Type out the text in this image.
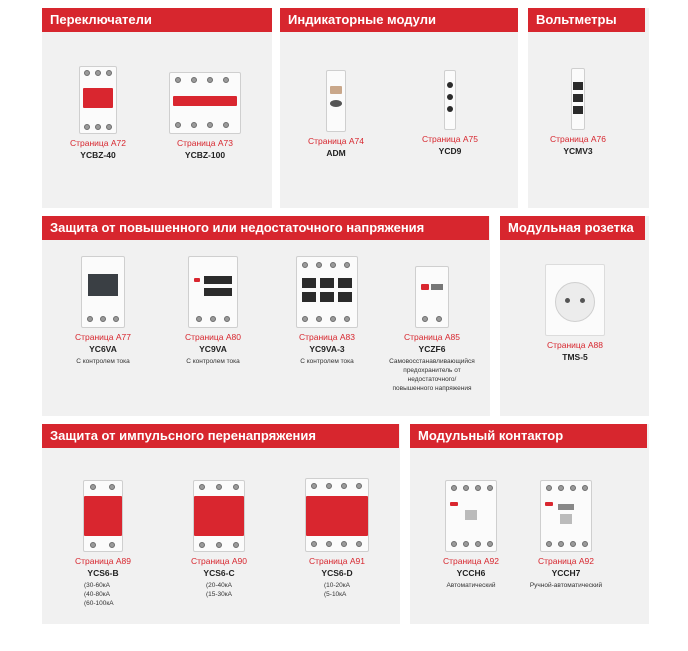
Переключатели	Индикаторные модули	Вольтметры
Страница А72
YCBZ-40
Страница А73
YCBZ-100
Страница А74
ADM
Страница А75
YCD9
Страница А76
YCMV3
Защита от повышенного или недостаточного напряжения	Модульная розетка
Страница А77
YC6VA
С контролем тока
Страница А80
YC9VA
С контролем тока
Страница А83
YC9VA-3
С контролем тока
Страница А85
YCZF6
Самовосстанавливающийся
предохранитель от
недостаточного/
повышенного напряжения
Страница А88
TMS-5
Защита от импульсного перенапряжения	Модульный контактор
Страница А89
YCS6-B
(30-60кА
(40-80кА
(60-100кА
Страница А90
YCS6-C
(20-40кА
(15-30кА
Страница А91
YCS6-D
(10-20кА
(5-10кА
Страница А92
YCCH6
Автоматический
Страница А92
YCCH7
Ручной-автоматический
